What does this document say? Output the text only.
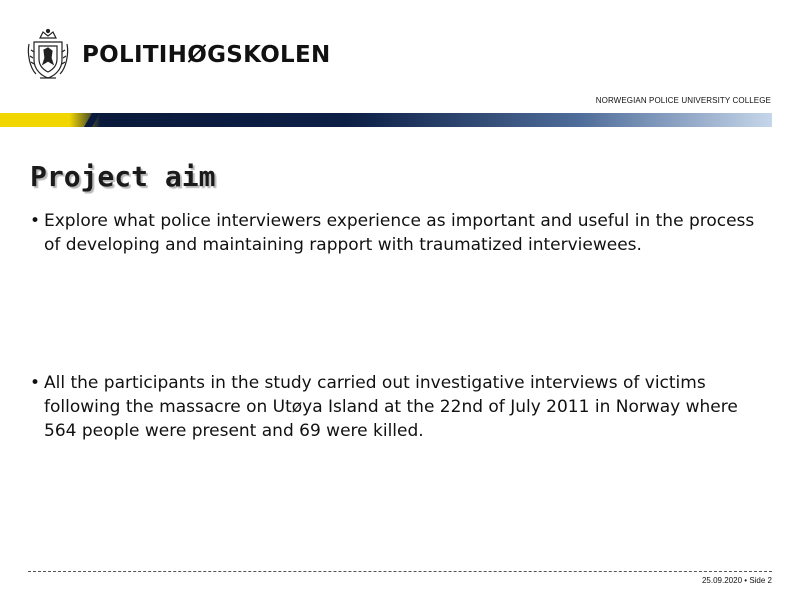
POLITIHØGSKOLEN
NORWEGIAN POLICE UNIVERSITY COLLEGE
Project aim
• Explore what police interviewers experience as important and useful in the process of developing and maintaining rapport with traumatized interviewees.
• All the participants in the study carried out investigative interviews of victims following the massacre on Utøya Island at the 22nd of July 2011 in Norway where 564 people were present and 69 were killed.
25.09.2020 • Side 2
